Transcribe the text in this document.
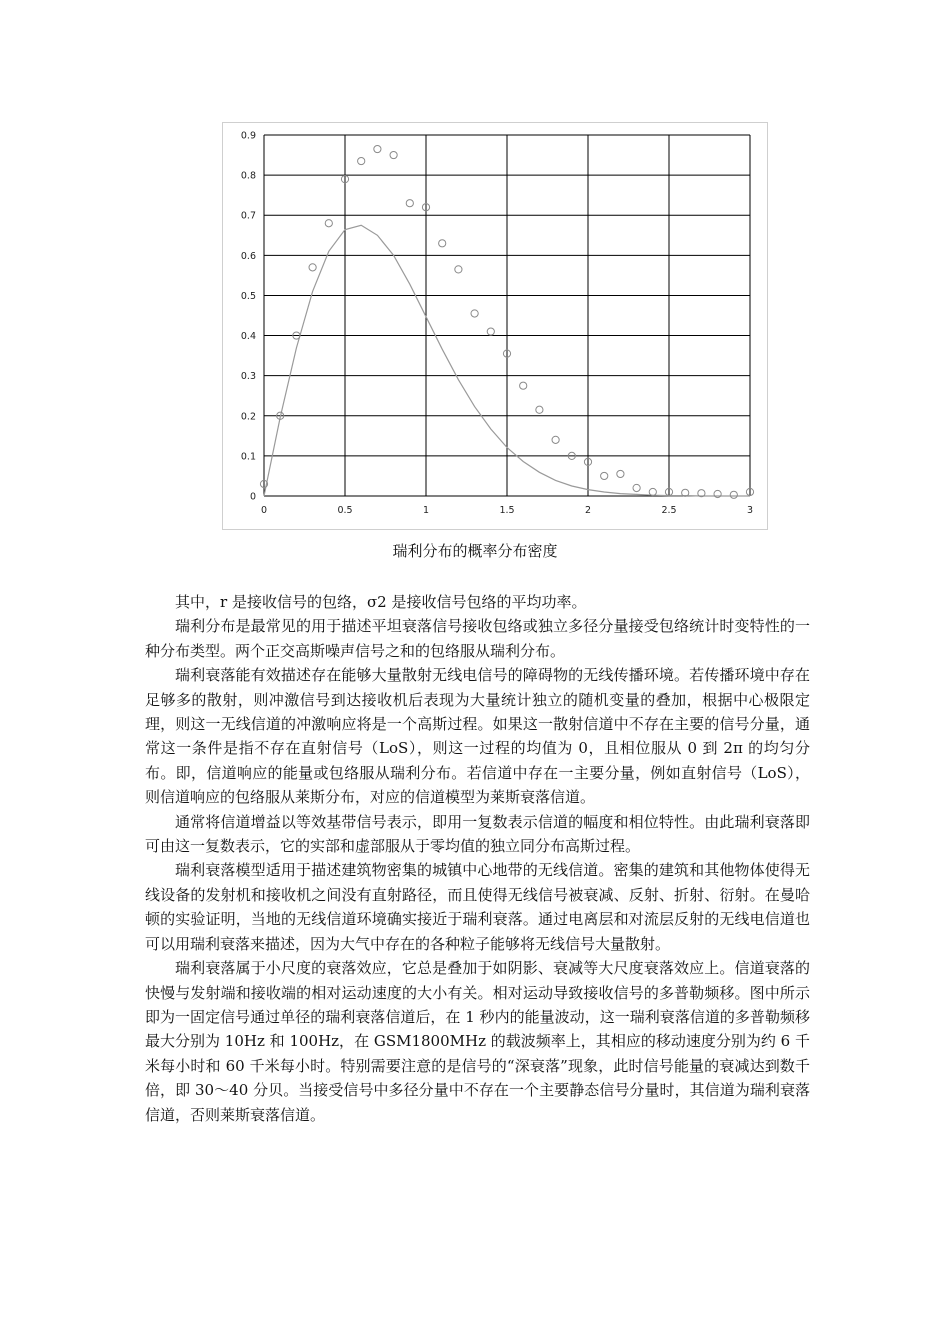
0	0.5	1	1.5	2	2.5	3
0
0.1
0.2
0.3
0.4
0.5
0.6
0.7
0.8
0.9
瑞利分布的概率分布密度

其中，r 是接收信号的包络，σ2 是接收信号包络的平均功率。

瑞利分布是最常见的用于描述平坦衰落信号接收包络或独立多径分量接受包络统计时变特性的一种分布类型。两个正交高斯噪声信号之和的包络服从瑞利分布。

瑞利衰落能有效描述存在能够大量散射无线电信号的障碍物的无线传播环境。若传播环境中存在足够多的散射，则冲激信号到达接收机后表现为大量统计独立的随机变量的叠加，根据中心极限定理，则这一无线信道的冲激响应将是一个高斯过程。如果这一散射信道中不存在主要的信号分量，通常这一条件是指不存在直射信号（LoS），则这一过程的均值为 0，且相位服从 0 到 2π 的均匀分布。即，信道响应的能量或包络服从瑞利分布。若信道中存在一主要分量，例如直射信号（LoS），则信道响应的包络服从莱斯分布，对应的信道模型为莱斯衰落信道。

通常将信道增益以等效基带信号表示，即用一复数表示信道的幅度和相位特性。由此瑞利衰落即可由这一复数表示，它的实部和虚部服从于零均值的独立同分布高斯过程。

瑞利衰落模型适用于描述建筑物密集的城镇中心地带的无线信道。密集的建筑和其他物体使得无线设备的发射机和接收机之间没有直射路径，而且使得无线信号被衰减、反射、折射、衍射。在曼哈顿的实验证明，当地的无线信道环境确实接近于瑞利衰落。通过电离层和对流层反射的无线电信道也可以用瑞利衰落来描述，因为大气中存在的各种粒子能够将无线信号大量散射。

瑞利衰落属于小尺度的衰落效应，它总是叠加于如阴影、衰减等大尺度衰落效应上。信道衰落的快慢与发射端和接收端的相对运动速度的大小有关。相对运动导致接收信号的多普勒频移。图中所示即为一固定信号通过单径的瑞利衰落信道后，在 1 秒内的能量波动，这一瑞利衰落信道的多普勒频移最大分别为 10Hz 和 100Hz，在 GSM1800MHz 的载波频率上，其相应的移动速度分别为约 6 千米每小时和 60 千米每小时。特别需要注意的是信号的“深衰落”现象，此时信号能量的衰减达到数千倍，即 30～40 分贝。当接受信号中多径分量中不存在一个主要静态信号分量时，其信道为瑞利衰落信道，否则莱斯衰落信道。
